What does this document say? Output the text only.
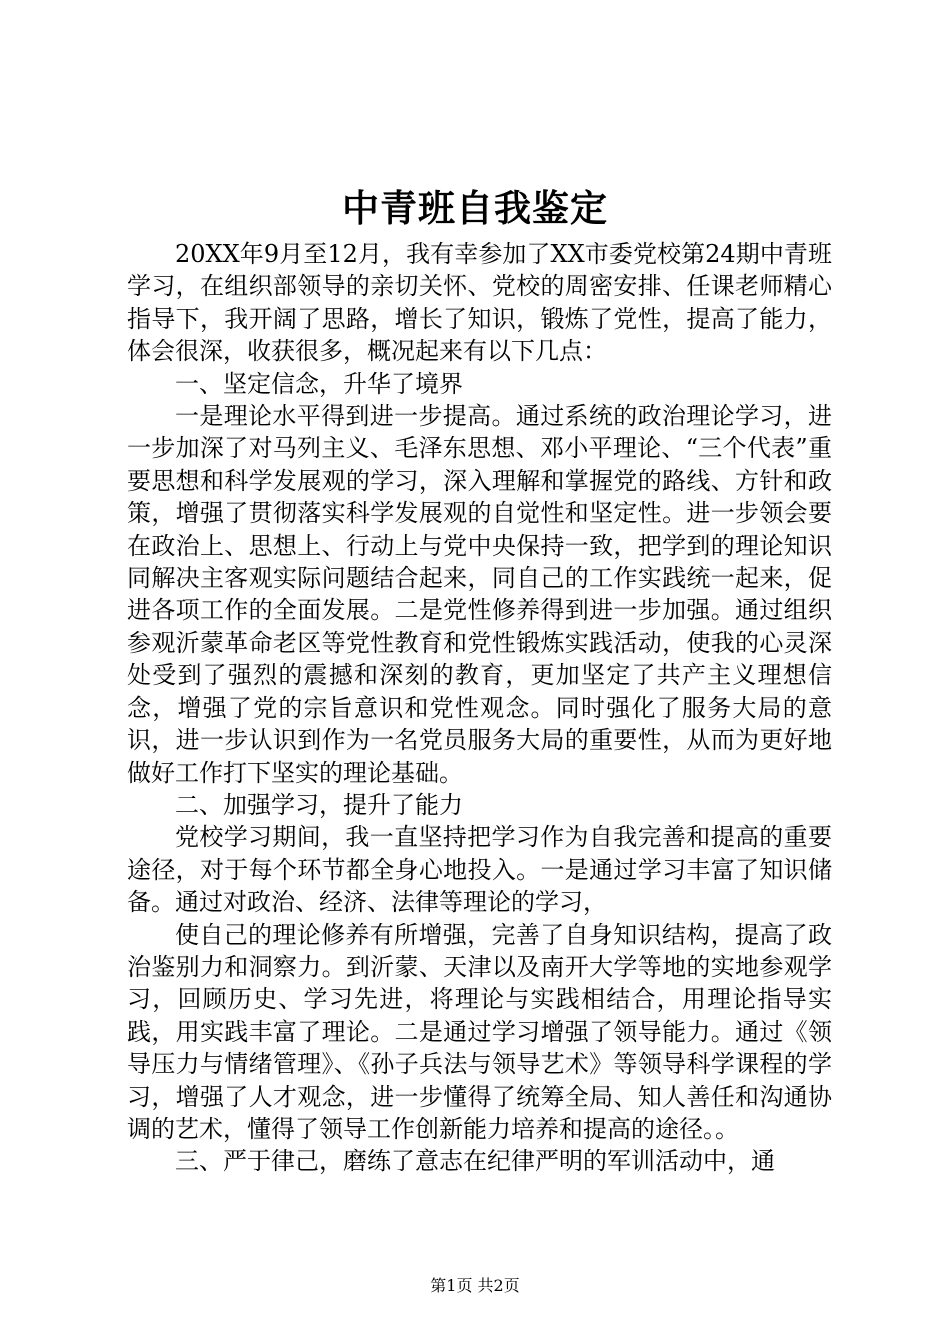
中青班自我鉴定

20XX年9月至12月，我有幸参加了XX市委党校第24期中青班学习，在组织部领导的亲切关怀、党校的周密安排、任课老师精心指导下，我开阔了思路，增长了知识，锻炼了党性，提高了能力，体会很深，收获很多，概况起来有以下几点：

一、坚定信念，升华了境界

一是理论水平得到进一步提高。通过系统的政治理论学习，进一步加深了对马列主义、毛泽东思想、邓小平理论、“三个代表”重要思想和科学发展观的学习，深入理解和掌握党的路线、方针和政策，增强了贯彻落实科学发展观的自觉性和坚定性。进一步领会要在政治上、思想上、行动上与党中央保持一致，把学到的理论知识同解决主客观实际问题结合起来，同自己的工作实践统一起来，促进各项工作的全面发展。二是党性修养得到进一步加强。通过组织参观沂蒙革命老区等党性教育和党性锻炼实践活动，使我的心灵深处受到了强烈的震撼和深刻的教育，更加坚定了共产主义理想信念，增强了党的宗旨意识和党性观念。同时强化了服务大局的意识，进一步认识到作为一名党员服务大局的重要性，从而为更好地做好工作打下坚实的理论基础。

二、加强学习，提升了能力

党校学习期间，我一直坚持把学习作为自我完善和提高的重要途径，对于每个环节都全身心地投入。一是通过学习丰富了知识储备。通过对政治、经济、法律等理论的学习，

使自己的理论修养有所增强，完善了自身知识结构，提高了政治鉴别力和洞察力。到沂蒙、天津以及南开大学等地的实地参观学习，回顾历史、学习先进，将理论与实践相结合，用理论指导实践，用实践丰富了理论。二是通过学习增强了领导能力。通过《领导压力与情绪管理》、《孙子兵法与领导艺术》等领导科学课程的学习，增强了人才观念，进一步懂得了统筹全局、知人善任和沟通协调的艺术，懂得了领导工作创新能力培养和提高的途径。。

三、严于律己，磨练了意志在纪律严明的军训活动中，通

第1页 共2页
